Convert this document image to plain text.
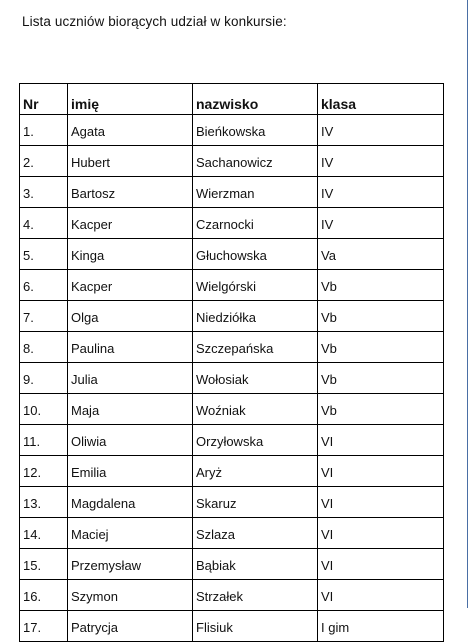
Lista uczniów biorących udział w konkursie:
Nr	imię	nazwisko	klasa
1.	Agata	Bieńkowska	IV
2.	Hubert	Sachanowicz	IV
3.	Bartosz	Wierzman	IV
4.	Kacper	Czarnocki	IV
5.	Kinga	Głuchowska	Va
6.	Kacper	Wielgórski	Vb
7.	Olga	Niedziółka	Vb
8.	Paulina	Szczepańska	Vb
9.	Julia	Wołosiak	Vb
10.	Maja	Woźniak	Vb
11.	Oliwia	Orzyłowska	VI
12.	Emilia	Aryż	VI
13.	Magdalena	Skaruz	VI
14.	Maciej	Szlaza	VI
15.	Przemysław	Bąbiak	VI
16.	Szymon	Strzałek	VI
17.	Patrycja	Flisiuk	I gim
